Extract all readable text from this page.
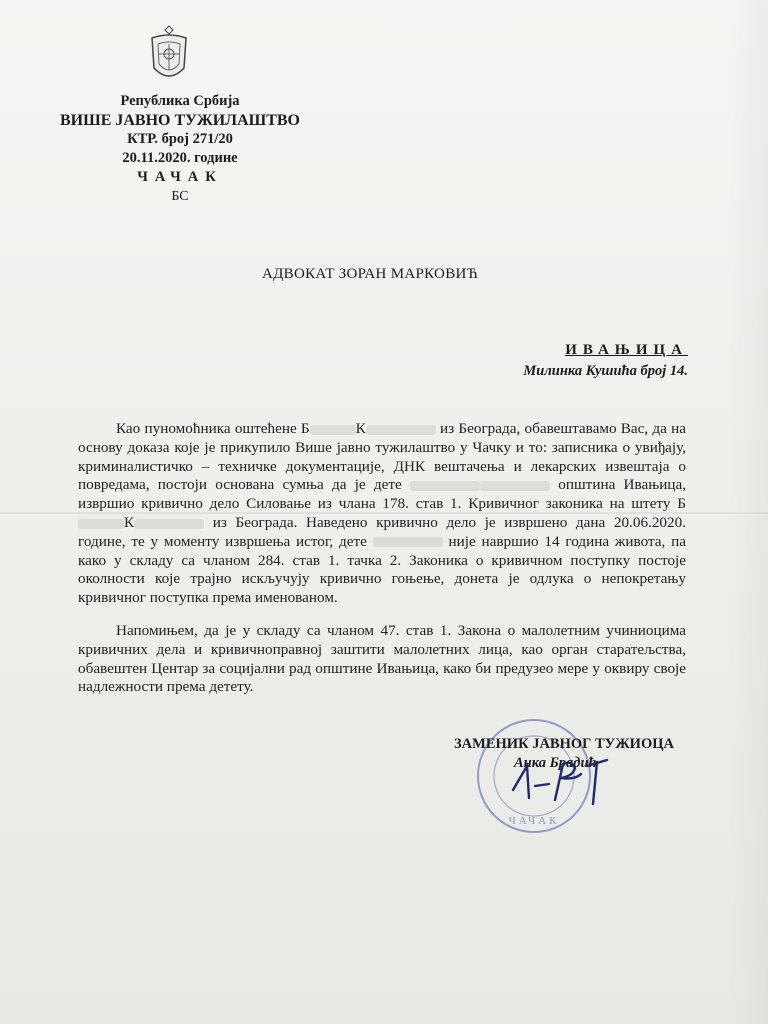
Република Србија
ВИШЕ ЈАВНО ТУЖИЛАШТВО
КТР. број 271/20
20.11.2020. године
ЧАЧАК
БС
АДВОКАТ ЗОРАН МАРКОВИЋ
ИВАЊИЦА
Милинка Кушића број 14.

Као пуномоћника оштећене Б	К	из Београда, обавештавамо Вас, да на основу доказа које је прикупило Више јавно тужилаштво у Чачку и то: записника о увиђају, криминалистичко – техничке документације, ДНК вештачења и лекарских извештаја о повредама, постоји основана сумња да је дете	општина Ивањица, извршио кривично дело Силовање из члана 178. став 1. Кривичног законика на штету БК	из Београда. Наведено кривично дело је извршено дана 20.06.2020. године, те у моменту извршења истог, дете	није навршио 14 година живота, па како у складу са чланом 284. став 1. тачка 2. Законика о кривичном поступку постоје околности које трајно искључују кривично гоњење, донета је одлука о непокретању кривичног поступка према именованом.

Напомињем, да је у складу са чланом 47. став 1. Закона о малолетним учиниоцима кривичних дела и кривичноправној заштити малолетних лица, као орган старатељства, обавештен Центар за социјални рад општине Ивањица, како би предузео мере у оквиру своје надлежности према детету.

ЧАЧАК
ЗАМЕНИК ЈАВНОГ ТУЖИОЦА
Анка Брадић
